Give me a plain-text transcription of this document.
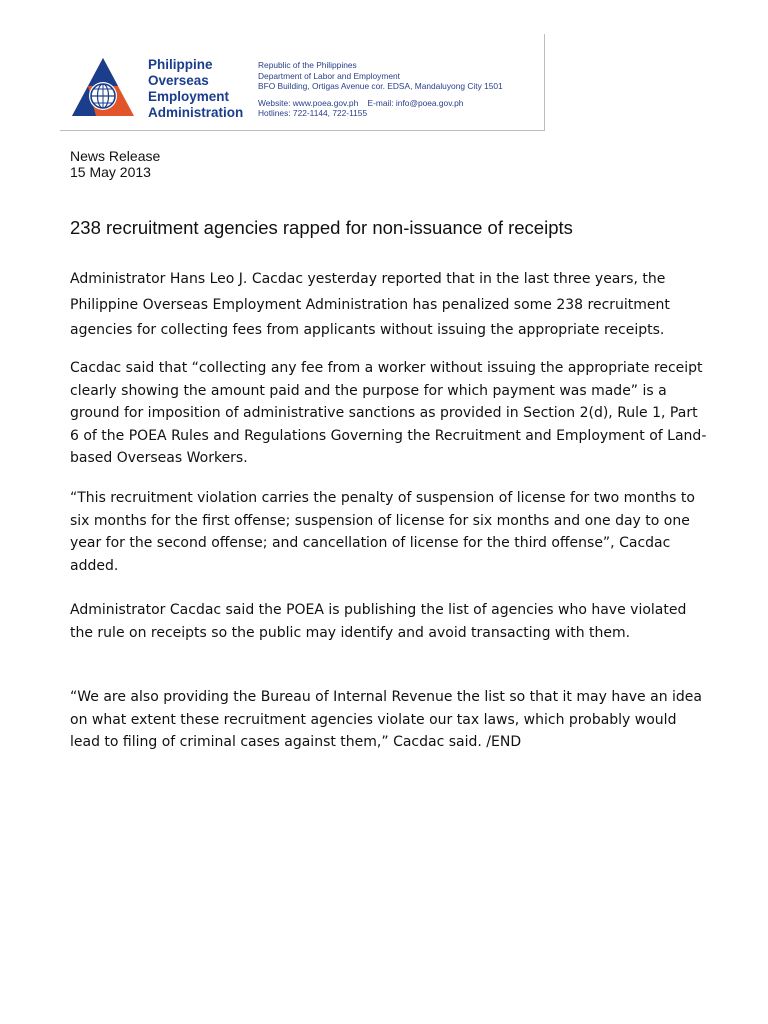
Philippine
Overseas
Employment
Administration
Republic of the Philippines
Department of Labor and Employment
BFO Building, Ortigas Avenue cor. EDSA, Mandaluyong City 1501
Website: www.poea.gov.ph    E-mail: info@poea.gov.ph
Hotlines: 722-1144, 722-1155
News Release
15 May 2013
238 recruitment agencies rapped for non-issuance of receipts

Administrator Hans Leo J. Cacdac yesterday reported that in the last three years, the Philippine Overseas Employment Administration has penalized some 238 recruitment agencies for collecting fees from applicants without issuing the appropriate receipts.

Cacdac said that “collecting any fee from a worker without issuing the appropriate receipt clearly showing the amount paid and the purpose for which payment was made” is a ground for imposition of administrative sanctions as provided in Section 2(d), Rule 1, Part 6 of the POEA Rules and Regulations Governing the Recruitment and Employment of Land-based Overseas Workers.

“This recruitment violation carries the penalty of suspension of license for two months to six months for the first offense; suspension of license for six months and one day to one year for the second offense; and cancellation of license for the third offense”, Cacdac added.

Administrator Cacdac said the POEA is publishing the list of agencies who have violated the rule on receipts so the public may identify and avoid transacting with them.

“We are also providing the Bureau of Internal Revenue the list so that it may have an idea on what extent these recruitment agencies violate our tax laws, which probably would lead to filing of criminal cases against them,” Cacdac said. /END
